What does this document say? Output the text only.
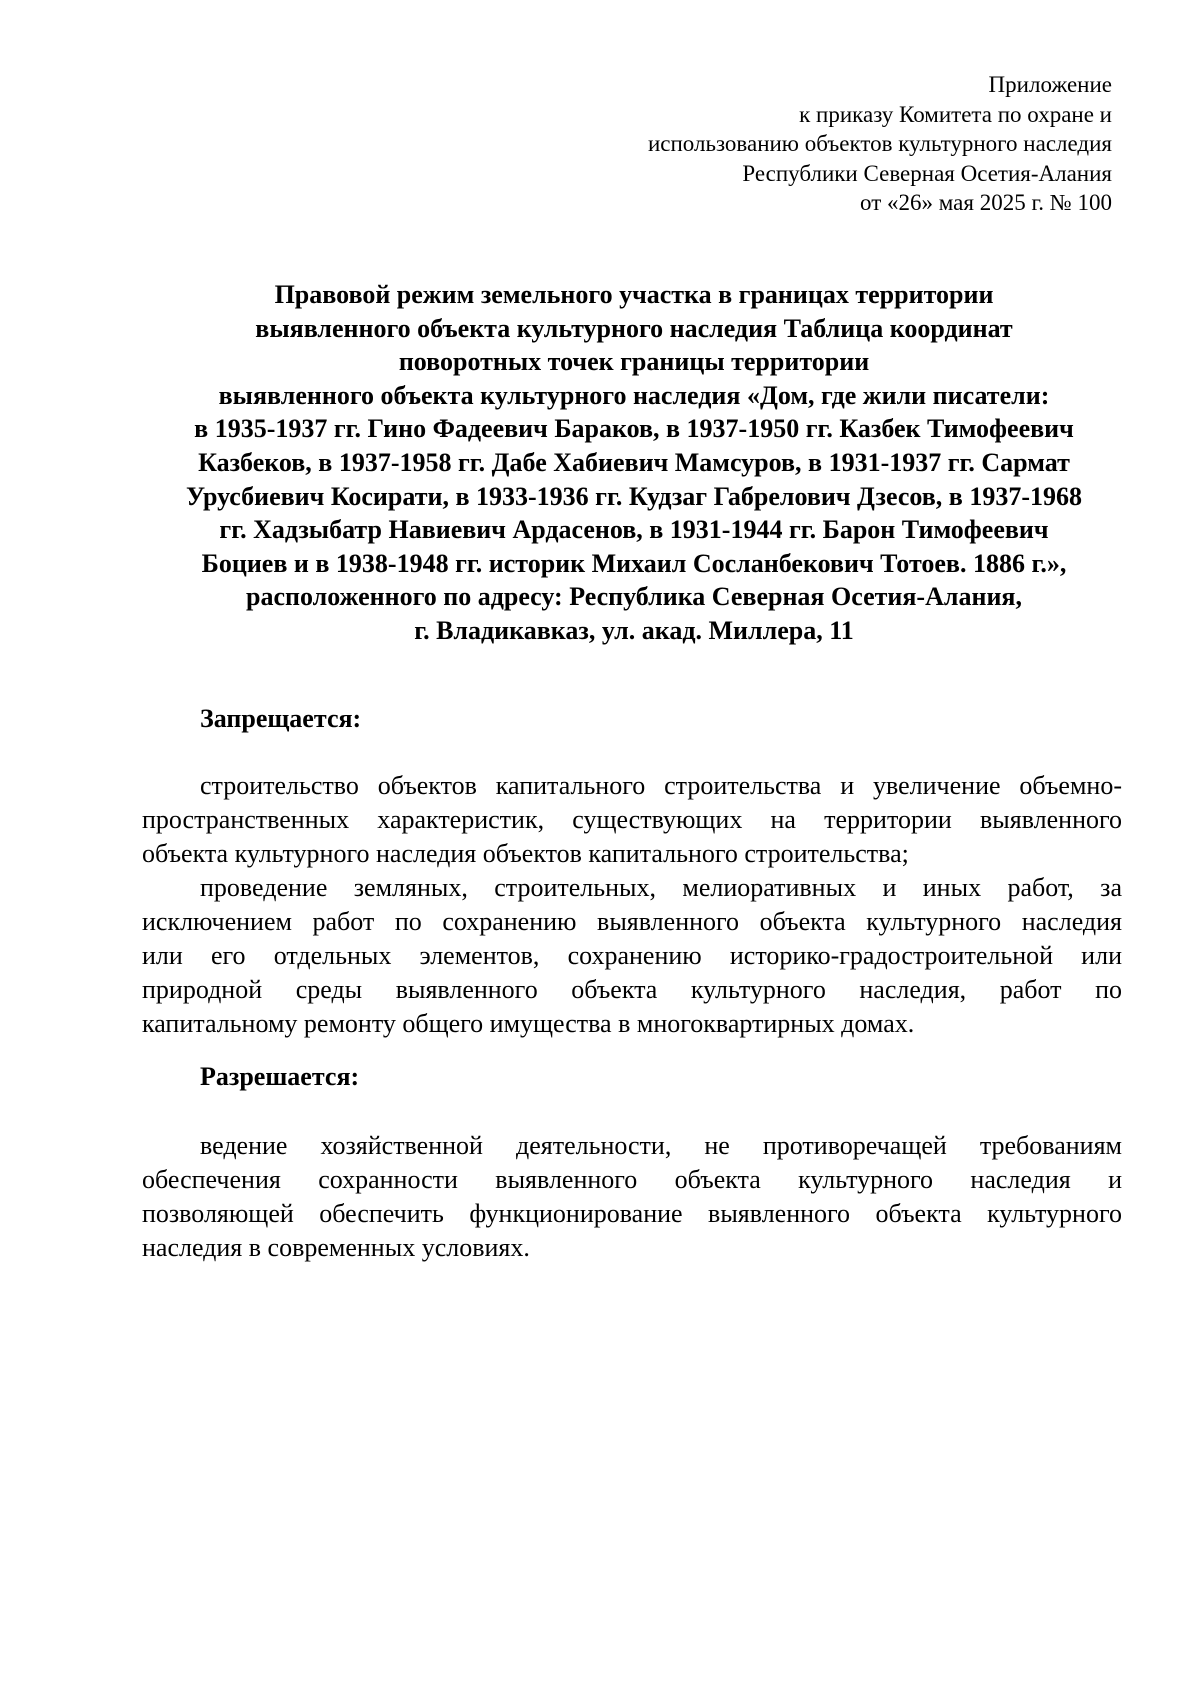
Приложение
к приказу Комитета по охране и
использованию объектов культурного наследия
Республики Северная Осетия-Алания
от «26» мая 2025 г. № 100
Правовой режим земельного участка в границах территории
выявленного объекта культурного наследия Таблица координат
поворотных точек границы территории
выявленного объекта культурного наследия «Дом, где жили писатели:
в 1935-1937 гг. Гино Фадеевич Бараков, в 1937-1950 гг. Казбек Тимофеевич
Казбеков, в 1937-1958 гг. Дабе Хабиевич Мамсуров, в 1931-1937 гг. Сармат
Урусбиевич Косирати, в 1933-1936 гг. Кудзаг Габрелович Дзесов, в 1937-1968
гг. Хадзыбатр Навиевич Ардасенов, в 1931-1944 гг. Барон Тимофеевич
Боциев и в 1938-1948 гг. историк Михаил Сосланбекович Тотоев. 1886 г.»,
расположенного по адресу: Республика Северная Осетия-Алания,
г. Владикавказ, ул. акад. Миллера, 11
Запрещается:
строительство объектов капитального строительства и увеличение объемно-
пространственных характеристик, существующих на территории выявленного
объекта культурного наследия объектов капитального строительства;
проведение земляных, строительных, мелиоративных и иных работ, за
исключением работ по сохранению выявленного объекта культурного наследия
или его отдельных элементов, сохранению историко-градостроительной или
природной среды выявленного объекта культурного наследия, работ по
капитальному ремонту общего имущества в многоквартирных домах.
Разрешается:
ведение хозяйственной деятельности, не противоречащей требованиям
обеспечения сохранности выявленного объекта культурного наследия и
позволяющей обеспечить функционирование выявленного объекта культурного
наследия в современных условиях.
